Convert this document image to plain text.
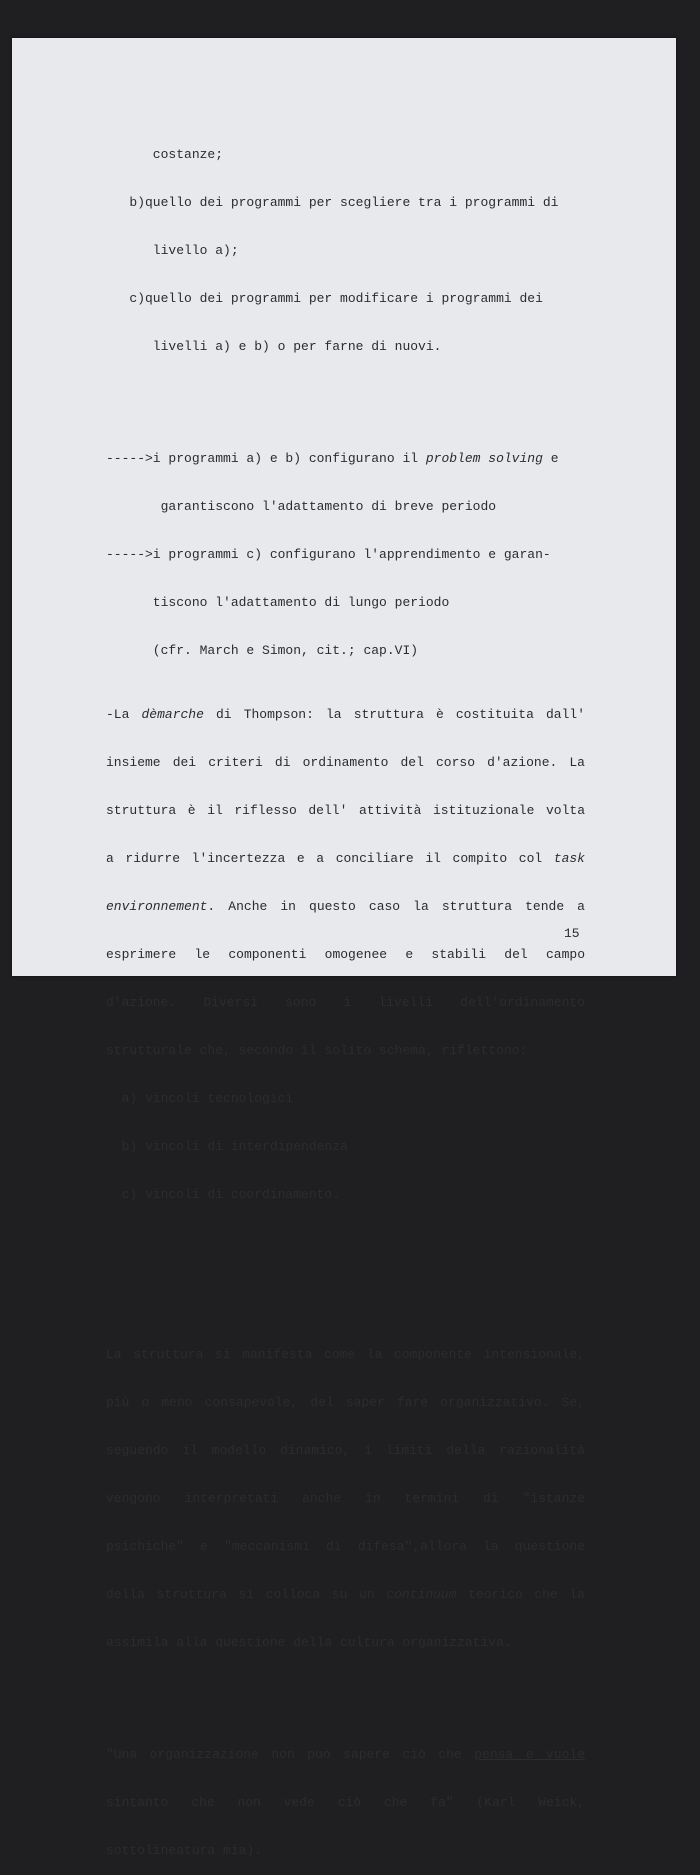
costanze;

b)quello dei programmi per scegliere tra i programmi di

livello a);

c)quello dei programmi per modificare i programmi dei

livelli a) e b) o per farne di nuovi.

----->i programmi a) e b) configurano il problem solving e

garantiscono l'adattamento di breve periodo

----->i programmi c) configurano l'apprendimento e garan-

tiscono l'adattamento di lungo periodo

(cfr. March e Simon, cit.; cap.VI)

-La dèmarche di Thompson: la struttura è costituita dall'

insieme dei criteri di ordinamento del corso d'azione. La

struttura è il riflesso dell' attività istituzionale volta

a ridurre l'incertezza e a conciliare il compito col task

environnement. Anche in questo caso la struttura tende a

esprimere le componenti omogenee e stabili del campo

d'azione. Diversi sono i livelli dell'ordinamento

strutturale che, secondo il solito schema, riflettono:

a) vincoli tecnologici

b) vincoli di interdipendenza

c) vincoli di coordinamento.

La struttura si manifesta come la componente intensionale,

più o meno consapevole, del saper fare organizzativo. Se,

seguendo il modello dinamico, i limiti della razionalità

vengono interpretati anche in termini di "istanze

psichiche" e "meccanismi di difesa",allora la questione

della struttura si colloca su un continuum teorico che la

assimila alla questione della cultura organizzativa.

"Una organizzazione non può sapere ciò che pensa e vuole

sintanto che non vede ciò che fa" (Karl Weick,

sottolineatura mia).

15
